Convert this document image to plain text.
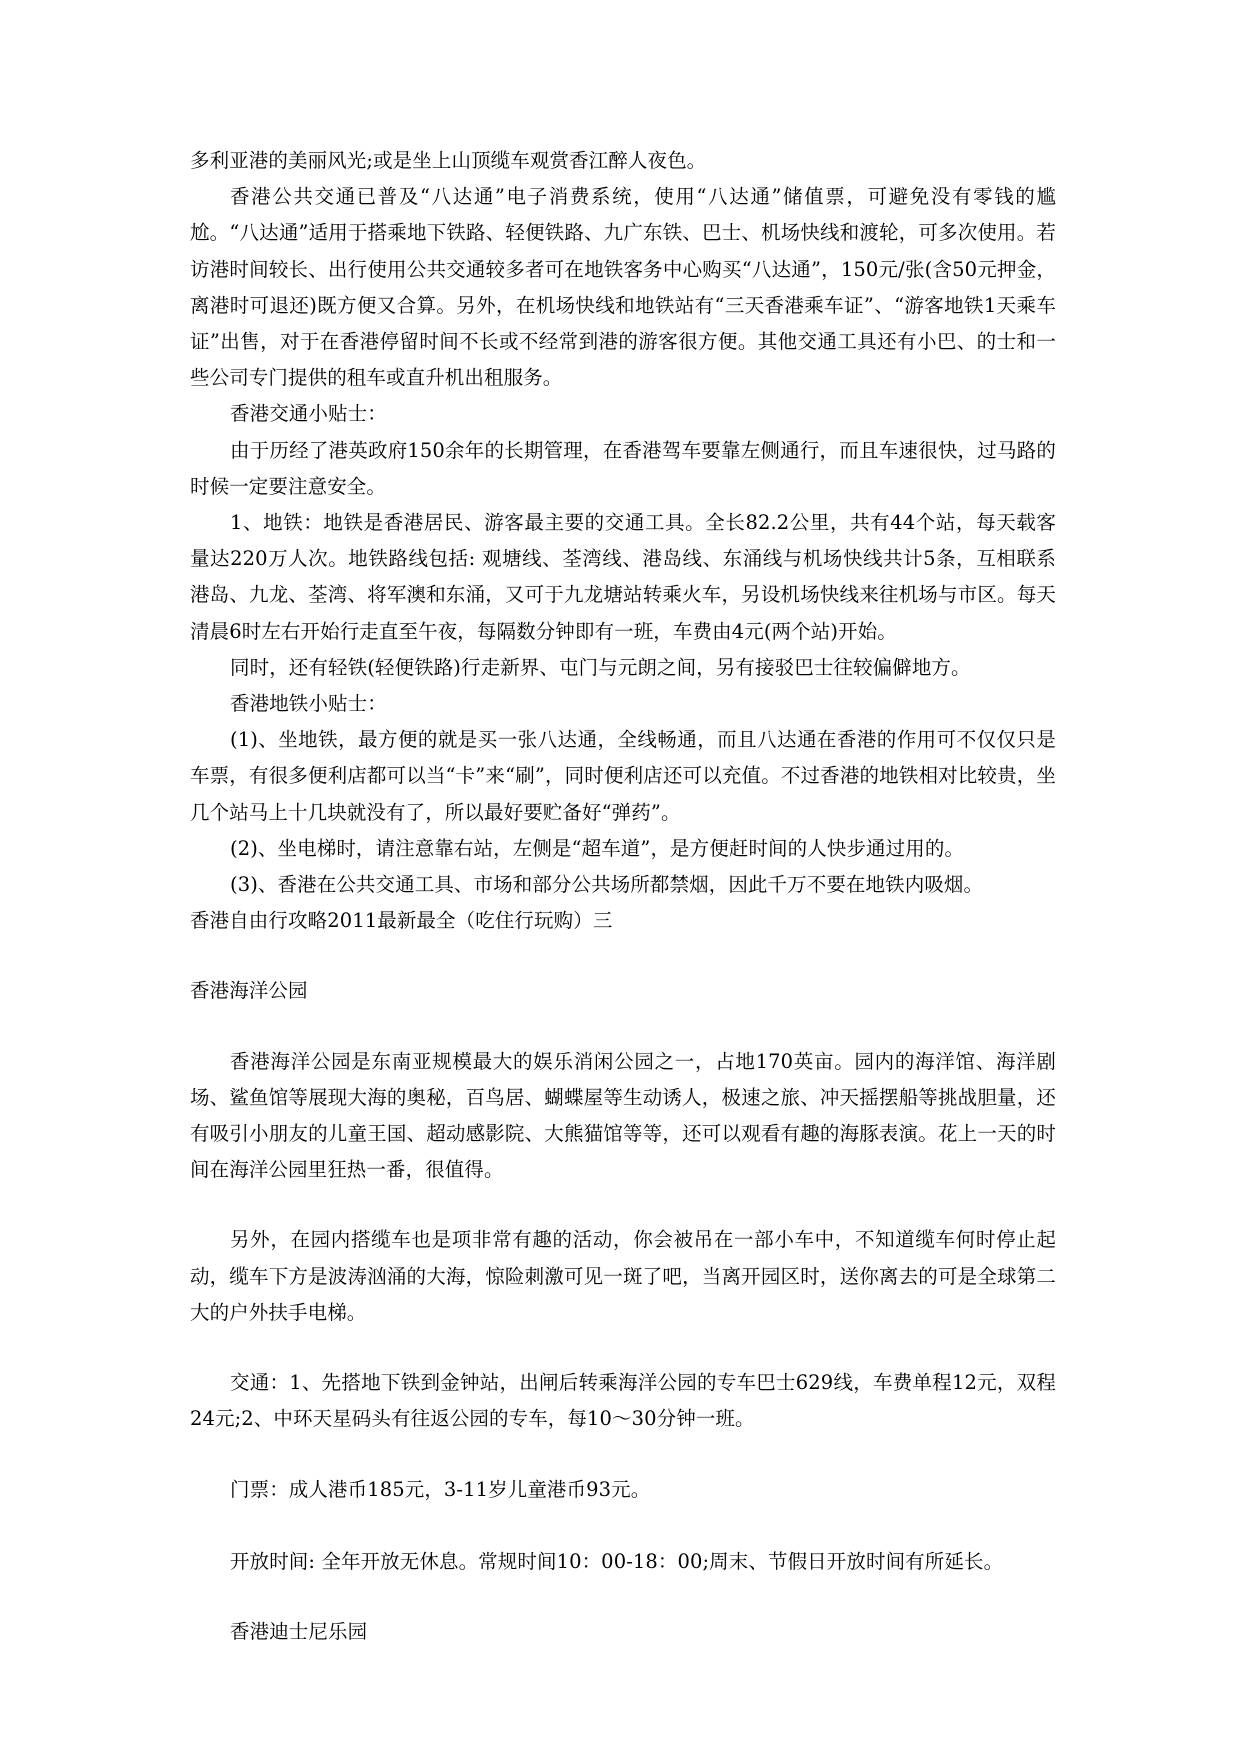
多利亚港的美丽风光;或是坐上山顶缆车观赏香江醉人夜色。

香港公共交通已普及“八达通”电子消费系统，使用“八达通”储值票，可避免没有零钱的尴尬。“八达通”适用于搭乘地下铁路、轻便铁路、九广东铁、巴士、机场快线和渡轮，可多次使用。若访港时间较长、出行使用公共交通较多者可在地铁客务中心购买“八达通”，150元/张(含50元押金，离港时可退还)既方便又合算。另外，在机场快线和地铁站有“三天香港乘车证”、“游客地铁1天乘车证”出售，对于在香港停留时间不长或不经常到港的游客很方便。其他交通工具还有小巴、的士和一些公司专门提供的租车或直升机出租服务。

香港交通小贴士：

由于历经了港英政府150余年的长期管理，在香港驾车要靠左侧通行，而且车速很快，过马路的时候一定要注意安全。

1、地铁：地铁是香港居民、游客最主要的交通工具。全长82.2公里，共有44个站，每天载客量达220万人次。地铁路线包括: 观塘线、荃湾线、港岛线、东涌线与机场快线共计5条，互相联系港岛、九龙、荃湾、将军澳和东涌，又可于九龙塘站转乘火车，另设机场快线来往机场与市区。每天清晨6时左右开始行走直至午夜，每隔数分钟即有一班，车费由4元(两个站)开始。

同时，还有轻铁(轻便铁路)行走新界、屯门与元朗之间，另有接驳巴士往较偏僻地方。

香港地铁小贴士：

(1)、坐地铁，最方便的就是买一张八达通，全线畅通，而且八达通在香港的作用可不仅仅只是车票，有很多便利店都可以当“卡”来“刷”，同时便利店还可以充值。不过香港的地铁相对比较贵，坐几个站马上十几块就没有了，所以最好要贮备好“弹药”。

(2)、坐电梯时，请注意靠右站，左侧是“超车道”，是方便赶时间的人快步通过用的。

(3)、香港在公共交通工具、市场和部分公共场所都禁烟，因此千万不要在地铁内吸烟。

香港自由行攻略2011最新最全（吃住行玩购）三

香港海洋公园

香港海洋公园是东南亚规模最大的娱乐消闲公园之一，占地170英亩。园内的海洋馆、海洋剧场、鲨鱼馆等展现大海的奥秘，百鸟居、蝴蝶屋等生动诱人，极速之旅、冲天摇摆船等挑战胆量，还有吸引小朋友的儿童王国、超动感影院、大熊猫馆等等，还可以观看有趣的海豚表演。花上一天的时间在海洋公园里狂热一番，很值得。

另外，在园内搭缆车也是项非常有趣的活动，你会被吊在一部小车中，不知道缆车何时停止起动，缆车下方是波涛汹涌的大海，惊险刺激可见一斑了吧，当离开园区时，送你离去的可是全球第二大的户外扶手电梯。

交通：1、先搭地下铁到金钟站，出闸后转乘海洋公园的专车巴士629线，车费单程12元，双程24元;2、中环天星码头有往返公园的专车，每10～30分钟一班。

门票：成人港币185元，3-11岁儿童港币93元。

开放时间: 全年开放无休息。常规时间10：00-18：00;周末、节假日开放时间有所延长。

香港迪士尼乐园
